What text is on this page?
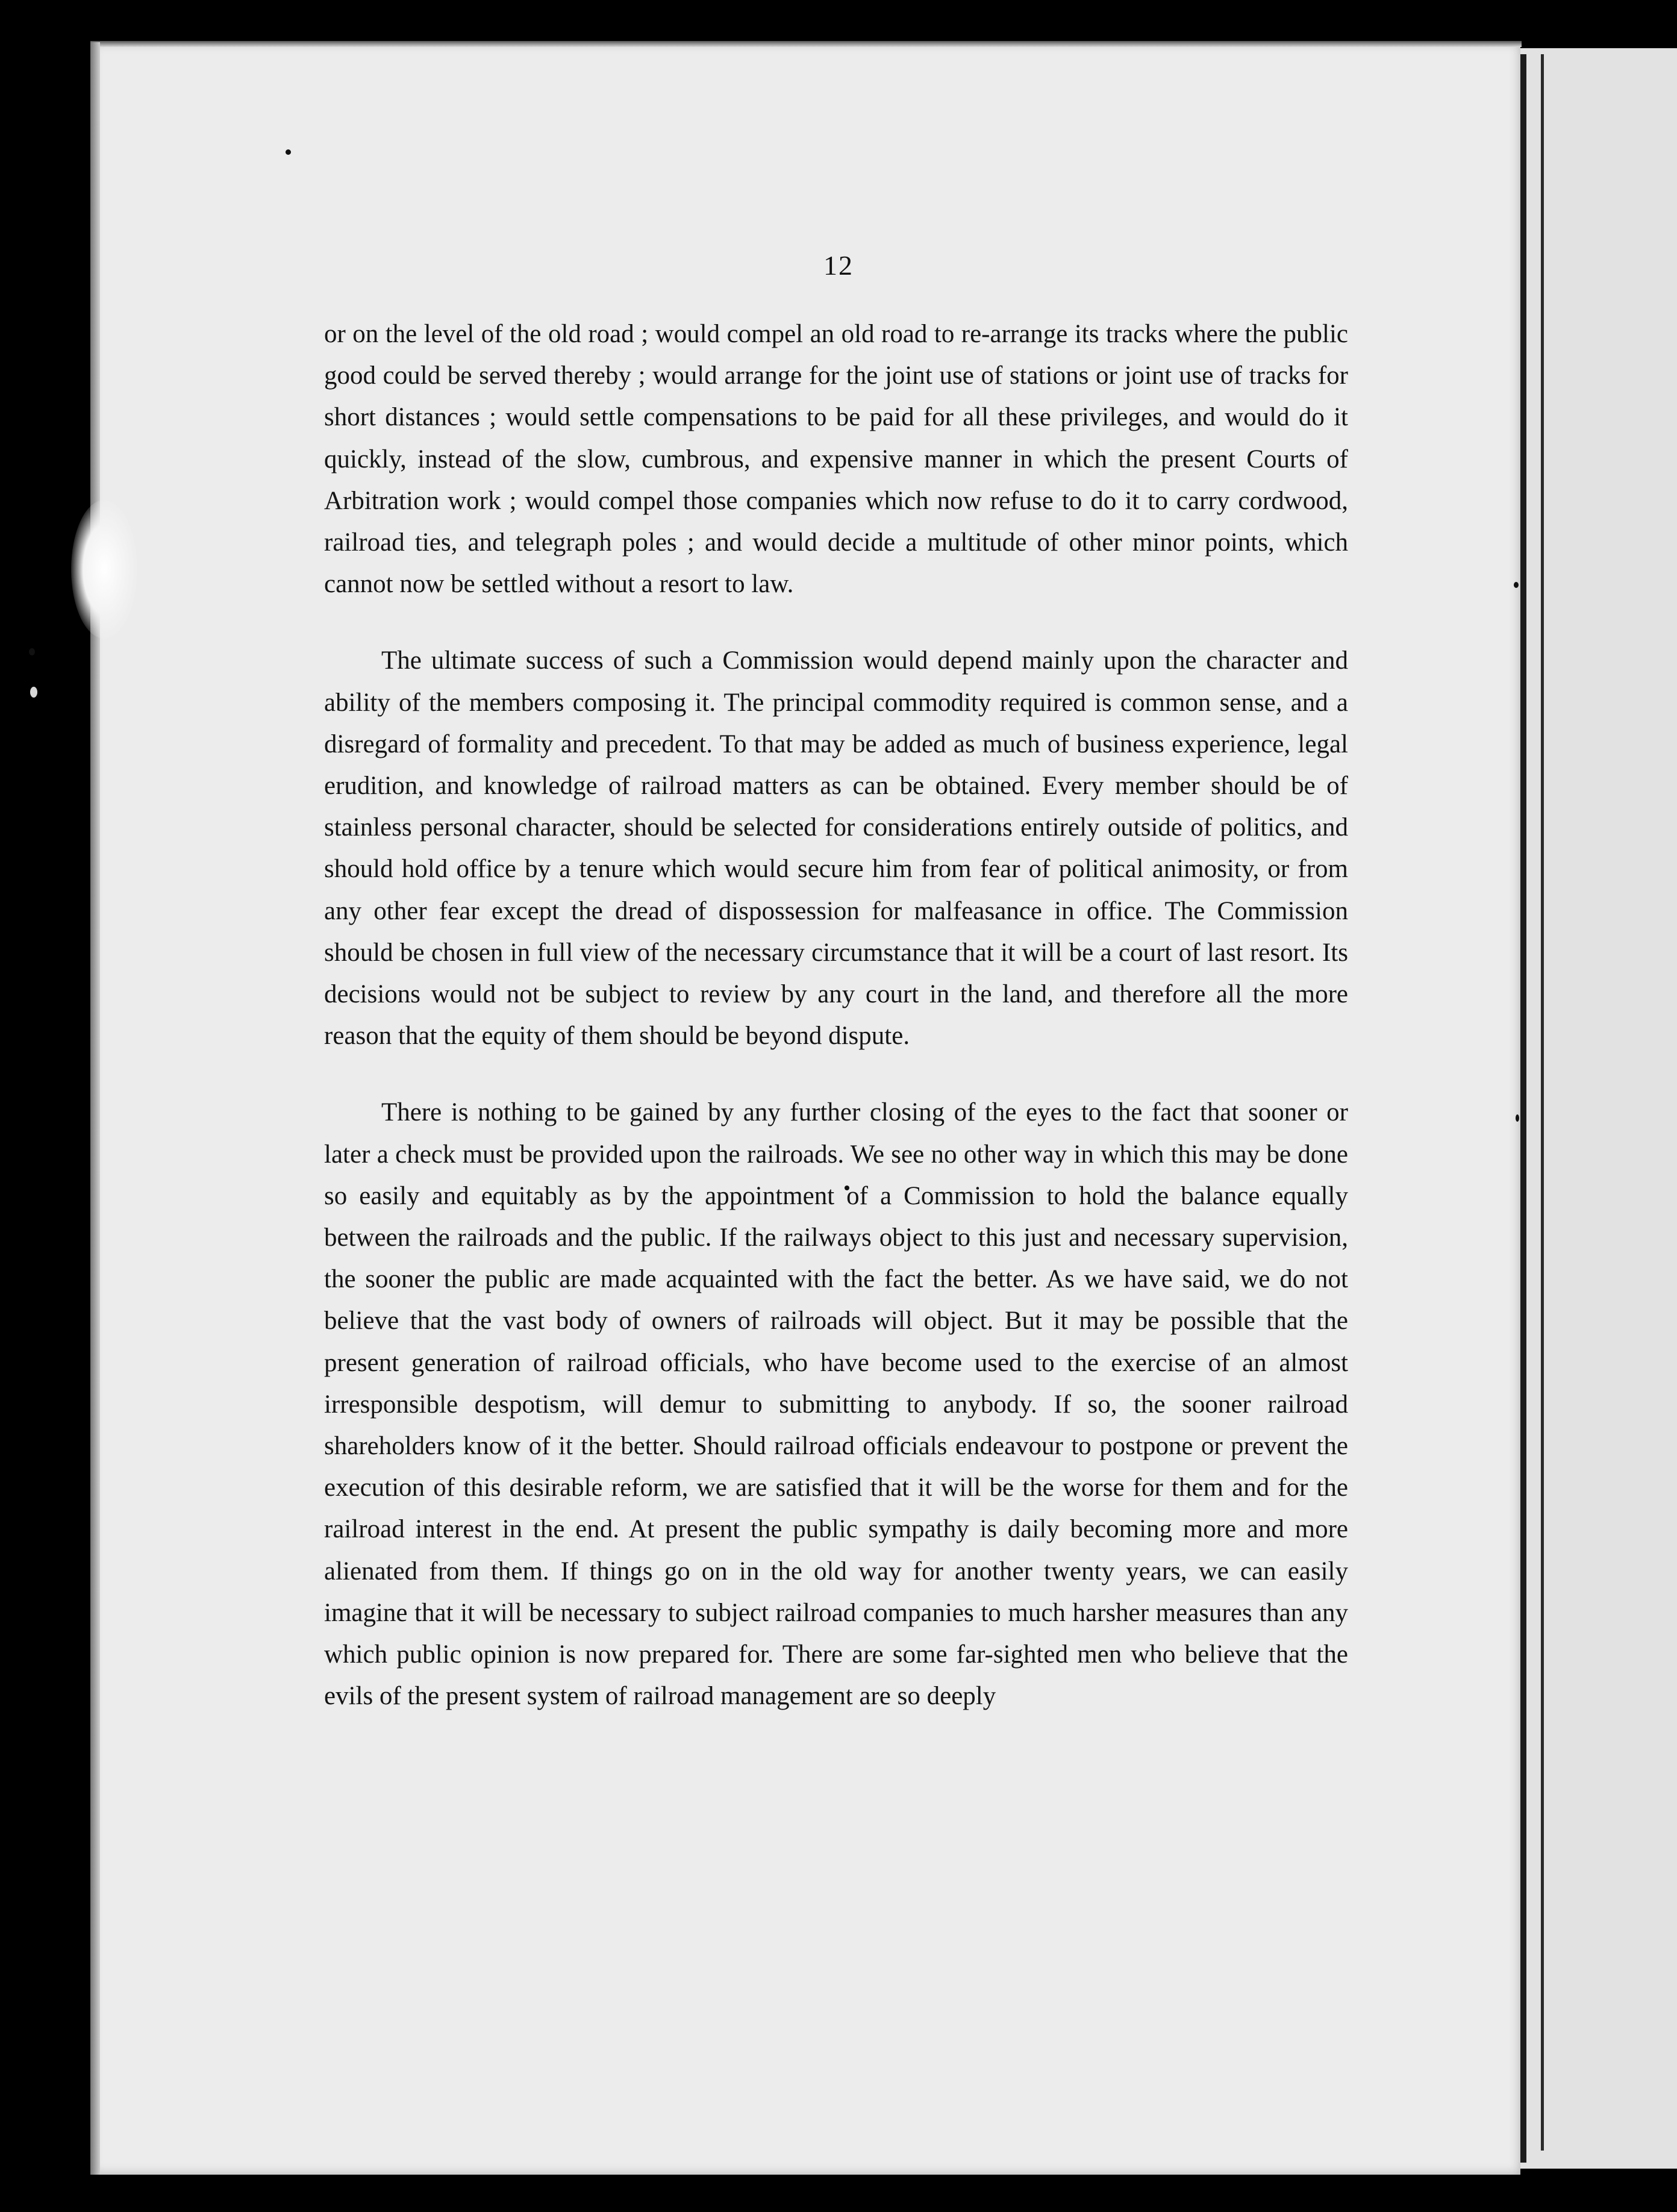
12

or on the level of the old road ; would compel an old road to re-arrange its tracks where the public good could be served thereby ; would arrange for the joint use of stations or joint use of tracks for short distances ; would settle compensations to be paid for all these privileges, and would do it quickly, instead of the slow, cumbrous, and expensive manner in which the present Courts of Arbitration work ; would compel those companies which now refuse to do it to carry cordwood, railroad ties, and telegraph poles ; and would decide a multitude of other minor points, which cannot now be settled without a resort to law.

The ultimate success of such a Commission would depend mainly upon the character and ability of the members composing it. The principal commodity required is common sense, and a disregard of formality and precedent. To that may be added as much of business experience, legal erudition, and knowledge of railroad matters as can be obtained. Every member should be of stainless personal character, should be selected for considerations entirely outside of politics, and should hold office by a tenure which would secure him from fear of political animosity, or from any other fear except the dread of dispossession for malfeasance in office. The Commission should be chosen in full view of the necessary circumstance that it will be a court of last resort. Its decisions would not be subject to review by any court in the land, and therefore all the more reason that the equity of them should be beyond dispute.

There is nothing to be gained by any further closing of the eyes to the fact that sooner or later a check must be provided upon the railroads. We see no other way in which this may be done so easily and equitably as by the appointment of a Commission to hold the balance equally between the railroads and the public. If the railways object to this just and necessary supervision, the sooner the public are made acquainted with the fact the better. As we have said, we do not believe that the vast body of owners of railroads will object. But it may be possible that the present generation of railroad officials, who have become used to the exercise of an almost irresponsible despotism, will demur to submitting to anybody. If so, the sooner railroad shareholders know of it the better. Should railroad officials endeavour to postpone or prevent the execution of this desirable reform, we are satisfied that it will be the worse for them and for the railroad interest in the end. At present the public sympathy is daily becoming more and more alienated from them. If things go on in the old way for another twenty years, we can easily imagine that it will be necessary to subject railroad companies to much harsher measures than any which public opinion is now prepared for. There are some far-sighted men who believe that the evils of the present system of railroad management are so deeply
